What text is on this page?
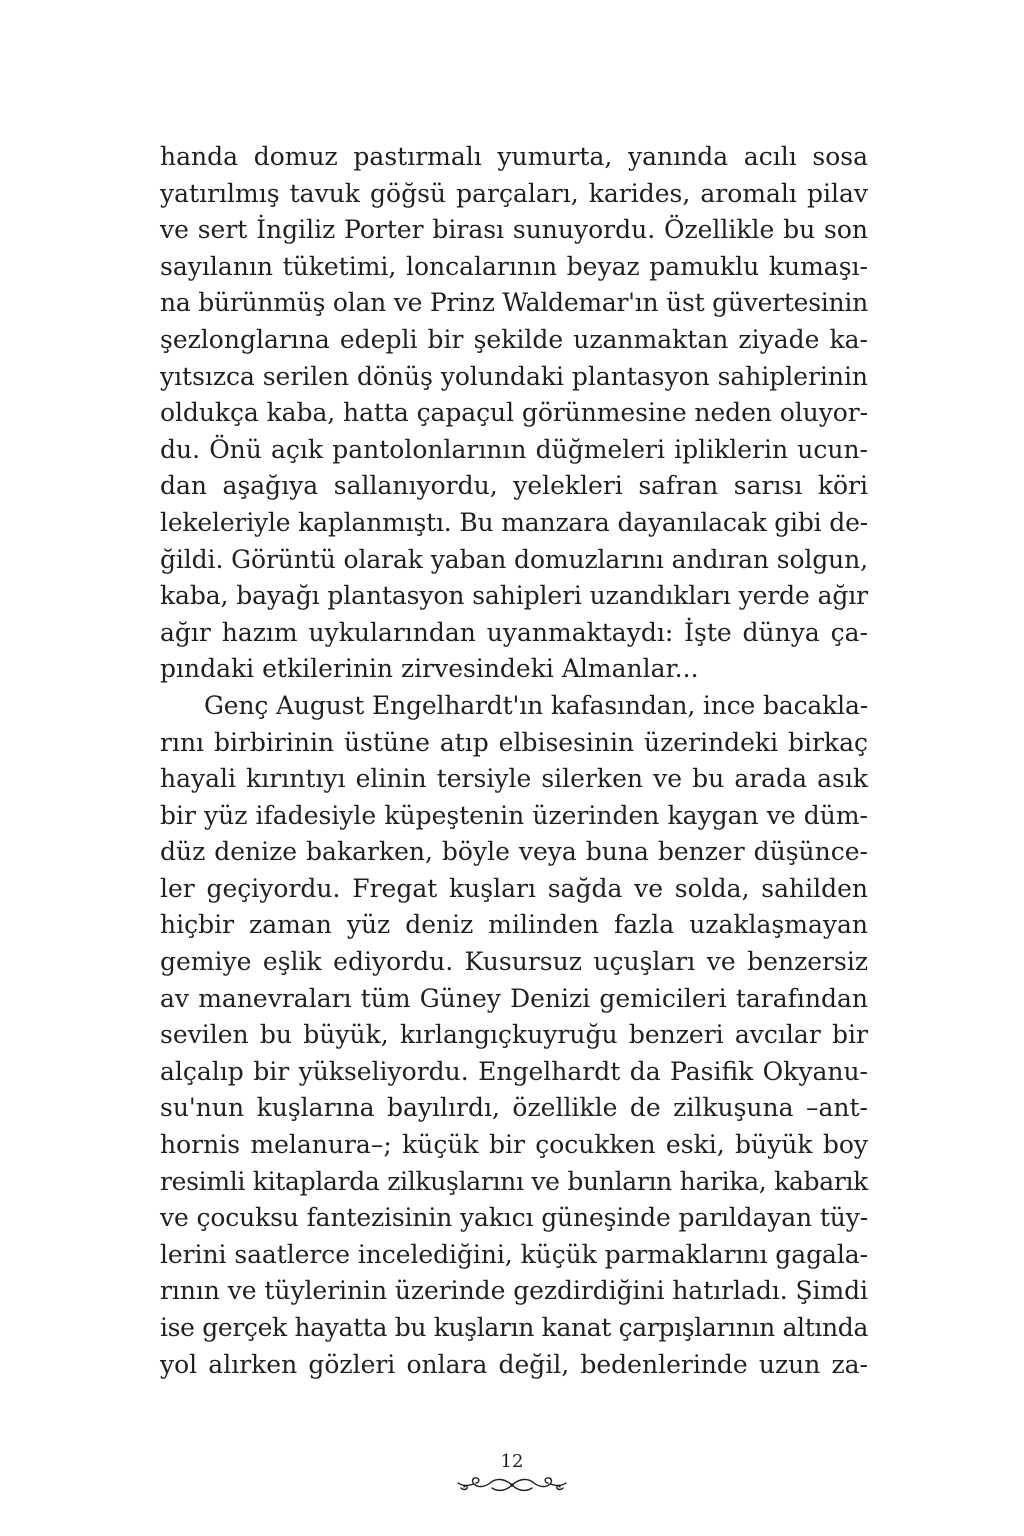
handa domuz pastırmalı yumurta, yanında acılı sosa
yatırılmış tavuk göğsü parçaları, karides, aromalı pilav
ve sert İngiliz Porter birası sunuyordu. Özellikle bu son
sayılanın tüketimi, loncalarının beyaz pamuklu kumaşı-
na bürünmüş olan ve Prinz Waldemar'ın üst güvertesinin
şezlonglarına edepli bir şekilde uzanmaktan ziyade ka-
yıtsızca serilen dönüş yolundaki plantasyon sahiplerinin
oldukça kaba, hatta çapaçul görünmesine neden oluyor-
du. Önü açık pantolonlarının düğmeleri ipliklerin ucun-
dan aşağıya sallanıyordu, yelekleri safran sarısı köri
lekeleriyle kaplanmıştı. Bu manzara dayanılacak gibi de-
ğildi. Görüntü olarak yaban domuzlarını andıran solgun,
kaba, bayağı plantasyon sahipleri uzandıkları yerde ağır
ağır hazım uykularından uyanmaktaydı: İşte dünya ça-
pındaki etkilerinin zirvesindeki Almanlar...
Genç August Engelhardt'ın kafasından, ince bacakla-
rını birbirinin üstüne atıp elbisesinin üzerindeki birkaç
hayali kırıntıyı elinin tersiyle silerken ve bu arada asık
bir yüz ifadesiyle küpeştenin üzerinden kaygan ve düm-
düz denize bakarken, böyle veya buna benzer düşünce-
ler geçiyordu. Fregat kuşları sağda ve solda, sahilden
hiçbir zaman yüz deniz milinden fazla uzaklaşmayan
gemiye eşlik ediyordu. Kusursuz uçuşları ve benzersiz
av manevraları tüm Güney Denizi gemicileri tarafından
sevilen bu büyük, kırlangıçkuyruğu benzeri avcılar bir
alçalıp bir yükseliyordu. Engelhardt da Pasifik Okyanu-
su'nun kuşlarına bayılırdı, özellikle de zilkuşuna –ant-
hornis melanura–; küçük bir çocukken eski, büyük boy
resimli kitaplarda zilkuşlarını ve bunların harika, kabarık
ve çocuksu fantezisinin yakıcı güneşinde parıldayan tüy-
lerini saatlerce incelediğini, küçük parmaklarını gagala-
rının ve tüylerinin üzerinde gezdirdiğini hatırladı. Şimdi
ise gerçek hayatta bu kuşların kanat çarpışlarının altında
yol alırken gözleri onlara değil, bedenlerinde uzun za-
12
